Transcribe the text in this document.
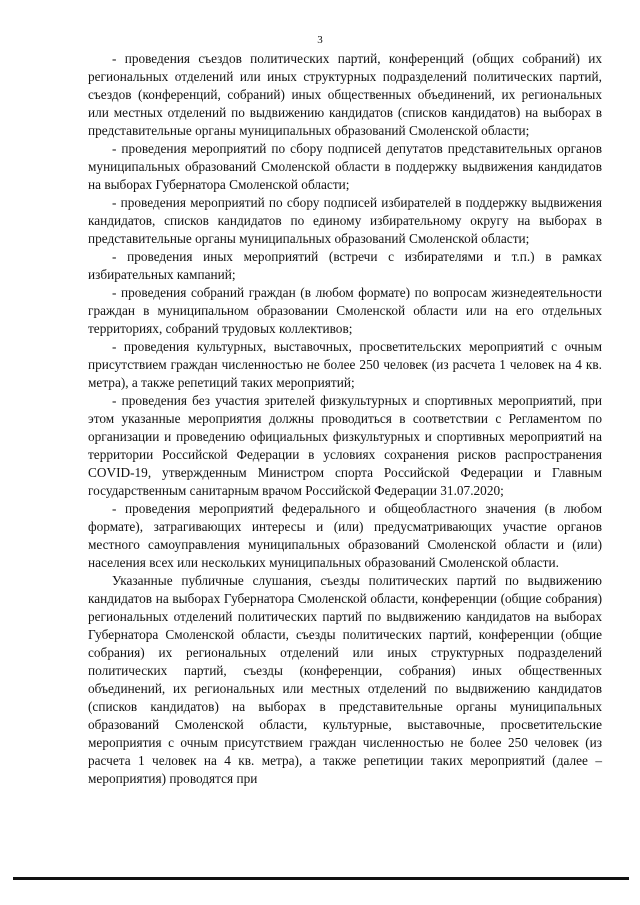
3

- проведения съездов политических партий, конференций (общих собраний) их региональных отделений или иных структурных подразделений политических партий, съездов (конференций, собраний) иных общественных объединений, их региональных или местных отделений по выдвижению кандидатов (списков кандидатов) на выборах в представительные органы муниципальных образований Смоленской области;

- проведения мероприятий по сбору подписей депутатов представительных органов муниципальных образований Смоленской области в поддержку выдвижения кандидатов на выборах Губернатора Смоленской области;

- проведения мероприятий по сбору подписей избирателей в поддержку выдвижения кандидатов, списков кандидатов по единому избирательному округу на выборах в представительные органы муниципальных образований Смоленской области;

- проведения иных мероприятий (встречи с избирателями и т.п.) в рамках избирательных кампаний;

- проведения собраний граждан (в любом формате) по вопросам жизнедеятельности граждан в муниципальном образовании Смоленской области или на его отдельных территориях, собраний трудовых коллективов;

- проведения культурных, выставочных, просветительских мероприятий с очным присутствием граждан численностью не более 250 человек (из расчета 1 человек на 4 кв. метра), а также репетиций таких мероприятий;

- проведения без участия зрителей физкультурных и спортивных мероприятий, при этом указанные мероприятия должны проводиться в соответствии с Регламентом по организации и проведению официальных физкультурных и спортивных мероприятий на территории Российской Федерации в условиях сохранения рисков распространения COVID-19, утвержденным Министром спорта Российской Федерации и Главным государственным санитарным врачом Российской Федерации 31.07.2020;

- проведения мероприятий федерального и общеобластного значения (в любом формате), затрагивающих интересы и (или) предусматривающих участие органов местного самоуправления муниципальных образований Смоленской области и (или) населения всех или нескольких муниципальных образований Смоленской области.

Указанные публичные слушания, съезды политических партий по выдвижению кандидатов на выборах Губернатора Смоленской области, конференции (общие собрания) региональных отделений политических партий по выдвижению кандидатов на выборах Губернатора Смоленской области, съезды политических партий, конференции (общие собрания) их региональных отделений или иных структурных подразделений политических партий, съезды (конференции, собрания) иных общественных объединений, их региональных или местных отделений по выдвижению кандидатов (списков кандидатов) на выборах в представительные органы муниципальных образований Смоленской области, культурные, выставочные, просветительские мероприятия с очным присутствием граждан численностью не более 250 человек (из расчета 1 человек на 4 кв. метра), а также репетиции таких мероприятий (далее – мероприятия) проводятся при
